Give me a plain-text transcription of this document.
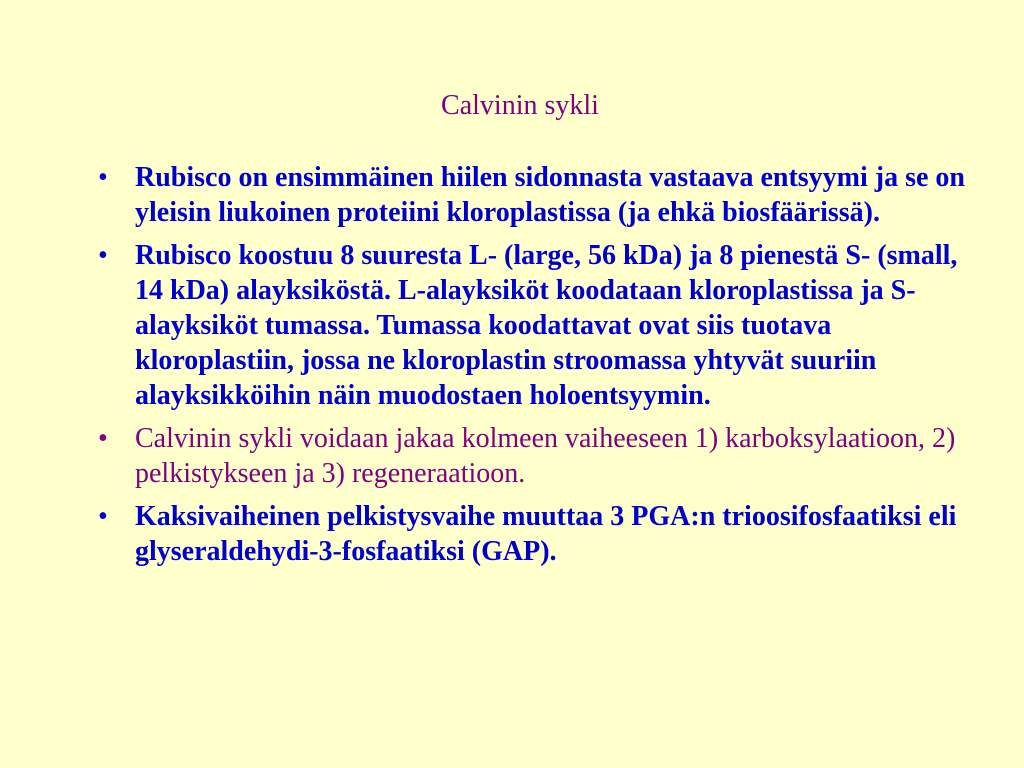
Calvinin sykli
• Rubisco on ensimmäinen hiilen sidonnasta vastaava entsyymi ja se on yleisin liukoinen proteiini kloroplastissa (ja ehkä biosfäärissä).
• Rubisco koostuu 8 suuresta L- (large, 56 kDa) ja 8 pienestä S- (small, 14 kDa) alayksiköstä. L-alayksiköt koodataan kloroplastissa ja S-alayksiköt tumassa. Tumassa koodattavat ovat siis tuotava kloroplastiin, jossa ne kloroplastin stroomassa yhtyvät suuriin alayksikköihin näin muodostaen holoentsyymin.
• Calvinin sykli voidaan jakaa kolmeen vaiheeseen 1) karboksylaatioon, 2) pelkistykseen ja 3) regeneraatioon.
• Kaksivaiheinen pelkistysvaihe muuttaa 3 PGA:n trioosifosfaatiksi eli glyseraldehydi-3-fosfaatiksi (GAP).
